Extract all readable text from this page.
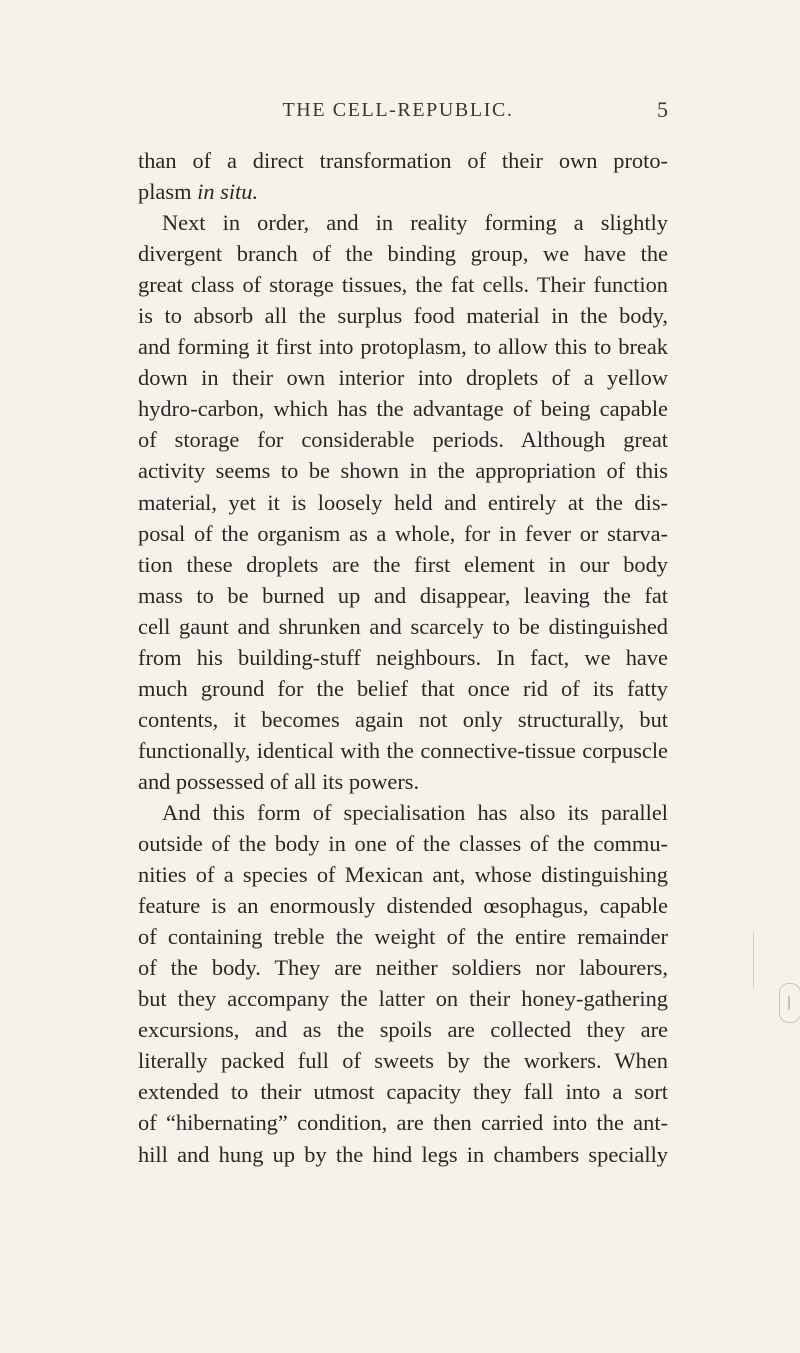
THE CELL-REPUBLIC.	5
than of a direct transformation of their own proto-
plasm in situ.
Next in order, and in reality forming a slightly
divergent branch of the binding group, we have the
great class of storage tissues, the fat cells. Their function
is to absorb all the surplus food material in the body,
and forming it first into protoplasm, to allow this to break
down in their own interior into droplets of a yellow
hydro-carbon, which has the advantage of being capable
of storage for considerable periods. Although great
activity seems to be shown in the appropriation of this
material, yet it is loosely held and entirely at the dis-
posal of the organism as a whole, for in fever or starva-
tion these droplets are the first element in our body
mass to be burned up and disappear, leaving the fat
cell gaunt and shrunken and scarcely to be distinguished
from his building-stuff neighbours. In fact, we have
much ground for the belief that once rid of its fatty
contents, it becomes again not only structurally, but
functionally, identical with the connective-tissue corpuscle
and possessed of all its powers.
And this form of specialisation has also its parallel
outside of the body in one of the classes of the commu-
nities of a species of Mexican ant, whose distinguishing
feature is an enormously distended œsophagus, capable
of containing treble the weight of the entire remainder
of the body. They are neither soldiers nor labourers,
but they accompany the latter on their honey-gathering
excursions, and as the spoils are collected they are
literally packed full of sweets by the workers. When
extended to their utmost capacity they fall into a sort
of “hibernating” condition, are then carried into the ant-
hill and hung up by the hind legs in chambers specially
